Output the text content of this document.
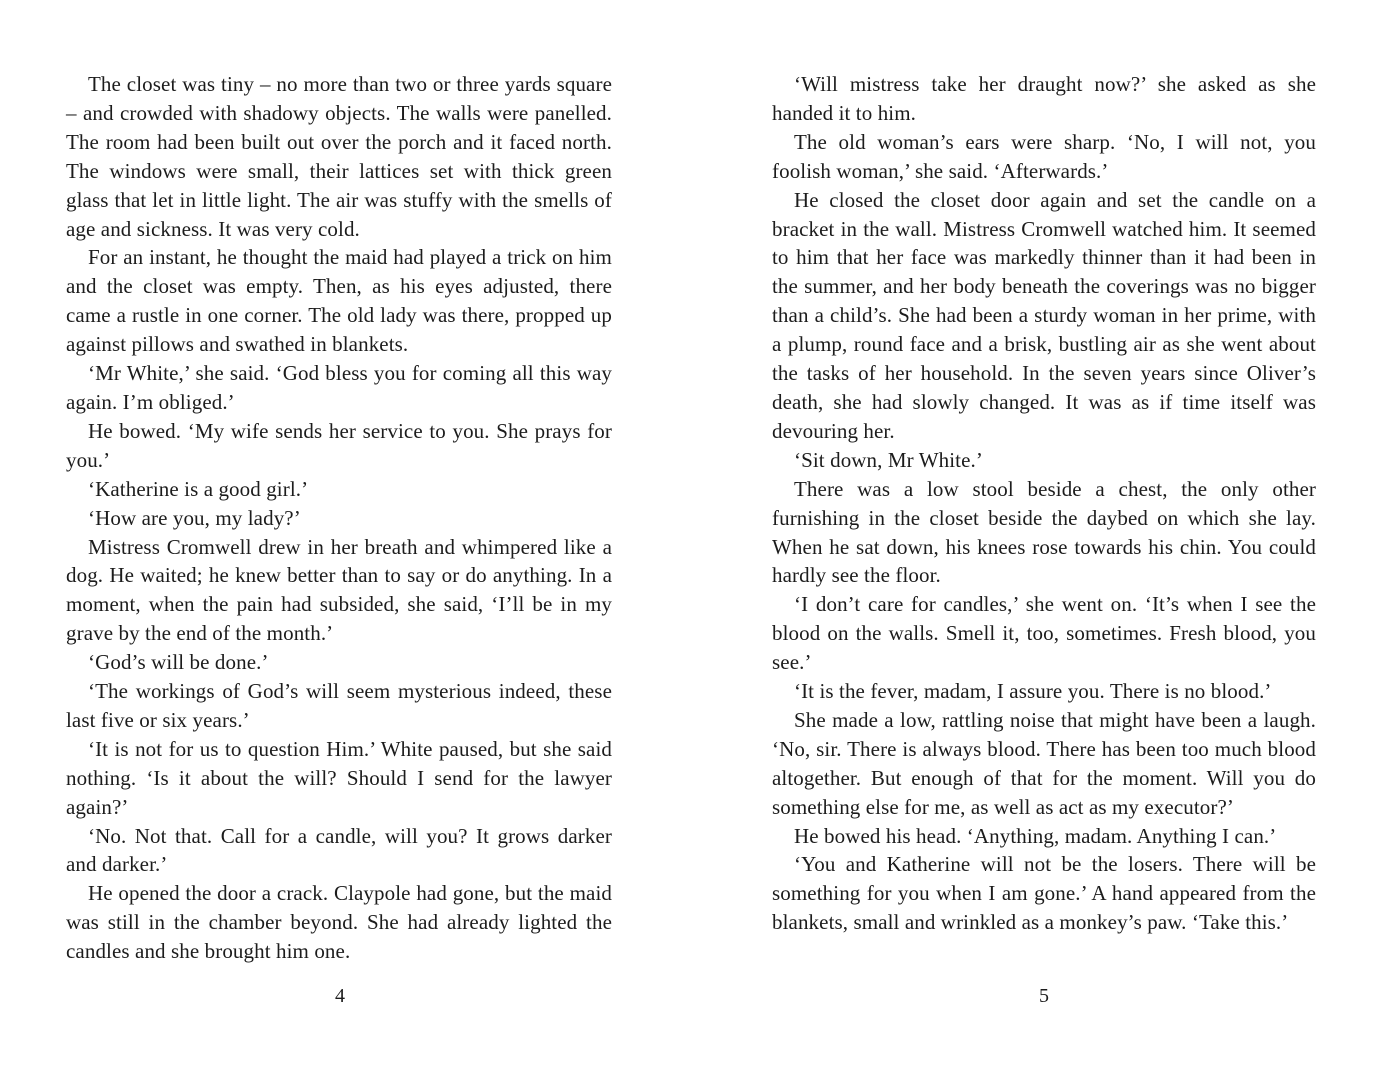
The closet was tiny – no more than two or three yards square – and crowded with shadowy objects. The walls were panelled. The room had been built out over the porch and it faced north. The windows were small, their lattices set with thick green glass that let in little light. The air was stuffy with the smells of age and sickness. It was very cold.

For an instant, he thought the maid had played a trick on him and the closet was empty. Then, as his eyes adjusted, there came a rustle in one corner. The old lady was there, propped up against pillows and swathed in blankets.

‘Mr White,’ she said. ‘God bless you for coming all this way again. I’m obliged.’

He bowed. ‘My wife sends her service to you. She prays for you.’

‘Katherine is a good girl.’

‘How are you, my lady?’

Mistress Cromwell drew in her breath and whimpered like a dog. He waited; he knew better than to say or do anything. In a moment, when the pain had subsided, she said, ‘I’ll be in my grave by the end of the month.’

‘God’s will be done.’

‘The workings of God’s will seem mysterious indeed, these last five or six years.’

‘It is not for us to question Him.’ White paused, but she said nothing. ‘Is it about the will? Should I send for the lawyer again?’

‘No. Not that. Call for a candle, will you? It grows darker and darker.’

He opened the door a crack. Claypole had gone, but the maid was still in the chamber beyond. She had already lighted the candles and she brought him one.

4

‘Will mistress take her draught now?’ she asked as she handed it to him.

The old woman’s ears were sharp. ‘No, I will not, you foolish woman,’ she said. ‘Afterwards.’

He closed the closet door again and set the candle on a bracket in the wall. Mistress Cromwell watched him. It seemed to him that her face was markedly thinner than it had been in the summer, and her body beneath the coverings was no bigger than a child’s. She had been a sturdy woman in her prime, with a plump, round face and a brisk, bustling air as she went about the tasks of her household. In the seven years since Oliver’s death, she had slowly changed. It was as if time itself was devouring her.

‘Sit down, Mr White.’

There was a low stool beside a chest, the only other furnishing in the closet beside the daybed on which she lay. When he sat down, his knees rose towards his chin. You could hardly see the floor.

‘I don’t care for candles,’ she went on. ‘It’s when I see the blood on the walls. Smell it, too, sometimes. Fresh blood, you see.’

‘It is the fever, madam, I assure you. There is no blood.’

She made a low, rattling noise that might have been a laugh. ‘No, sir. There is always blood. There has been too much blood altogether. But enough of that for the moment. Will you do something else for me, as well as act as my executor?’

He bowed his head. ‘Anything, madam. Anything I can.’

‘You and Katherine will not be the losers. There will be something for you when I am gone.’ A hand appeared from the blankets, small and wrinkled as a monkey’s paw. ‘Take this.’

5
